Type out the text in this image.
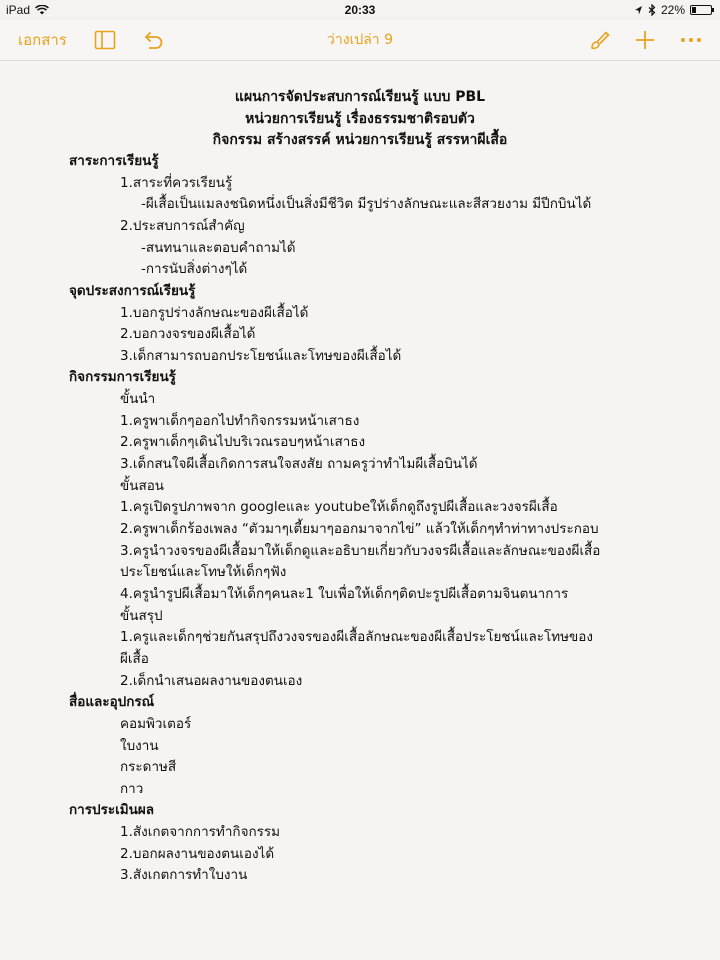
iPad	20:33	22%
เอกสาร	ว่างเปล่า 9
แผนการจัดประสบการณ์เรียนรู้ แบบ PBL
หน่วยการเรียนรู้ เรื่องธรรมชาติรอบตัว
กิจกรรม สร้างสรรค์ หน่วยการเรียนรู้ สรรหาผีเสื้อ
สาระการเรียนรู้
1.สาระที่ควรเรียนรู้
-ผีเสื้อเป็นแมลงชนิดหนึ่งเป็นสิ่งมีชีวิต มีรูปร่างลักษณะและสีสวยงาม มีปีกบินได้
2.ประสบการณ์สำคัญ
-สนทนาและตอบคำถามได้
-การนับสิ่งต่างๆได้
จุดประสงการณ์เรียนรู้
1.บอกรูปร่างลักษณะของผีเสื้อได้
2.บอกวงจรของผีเสื้อได้
3.เด็กสามารถบอกประโยชน์และโทษของผีเสื้อได้
กิจกรรมการเรียนรู้
ขั้นนำ
1.ครูพาเด็กๆออกไปทำกิจกรรมหน้าเสาธง
2.ครูพาเด็กๆเดินไปบริเวณรอบๆหน้าเสาธง
3.เด็กสนใจผีเสื้อเกิดการสนใจสงสัย ถามครูว่าทำไมผีเสื้อบินได้
ขั้นสอน
1.ครูเปิดรูปภาพจาก googleและ youtubeให้เด็กดูถึงรูปผีเสื้อและวงจรผีเสื้อ
2.ครูพาเด็กร้องเพลง “ตัวมาๆเตี้ยมาๆออกมาจากไข่” แล้วให้เด็กๆทำท่าทางประกอบ
3.ครูนำวงจรของผีเสื้อมาให้เด็กดูและอธิบายเกี่ยวกับวงจรผีเสื้อและลักษณะของผีเสื้อ
ประโยชน์และโทษให้เด็กๆฟัง
4.ครูนำรูปผีเสื้อมาให้เด็กๆคนละ1 ใบเพื่อให้เด็กๆติดปะรูปผีเสื้อตามจินตนาการ
ขั้นสรุป
1.ครูและเด็กๆช่วยกันสรุปถึงวงจรของผีเสื้อลักษณะของผีเสื้อประโยชน์และโทษของ
ผีเสื้อ
2.เด็กนำเสนอผลงานของตนเอง
สื่อและอุปกรณ์
คอมพิวเตอร์
ใบงาน
กระดาษสี
กาว
การประเมินผล
1.สังเกตจากการทำกิจกรรม
2.บอกผลงานของตนเองได้
3.สังเกตการทำใบงาน
